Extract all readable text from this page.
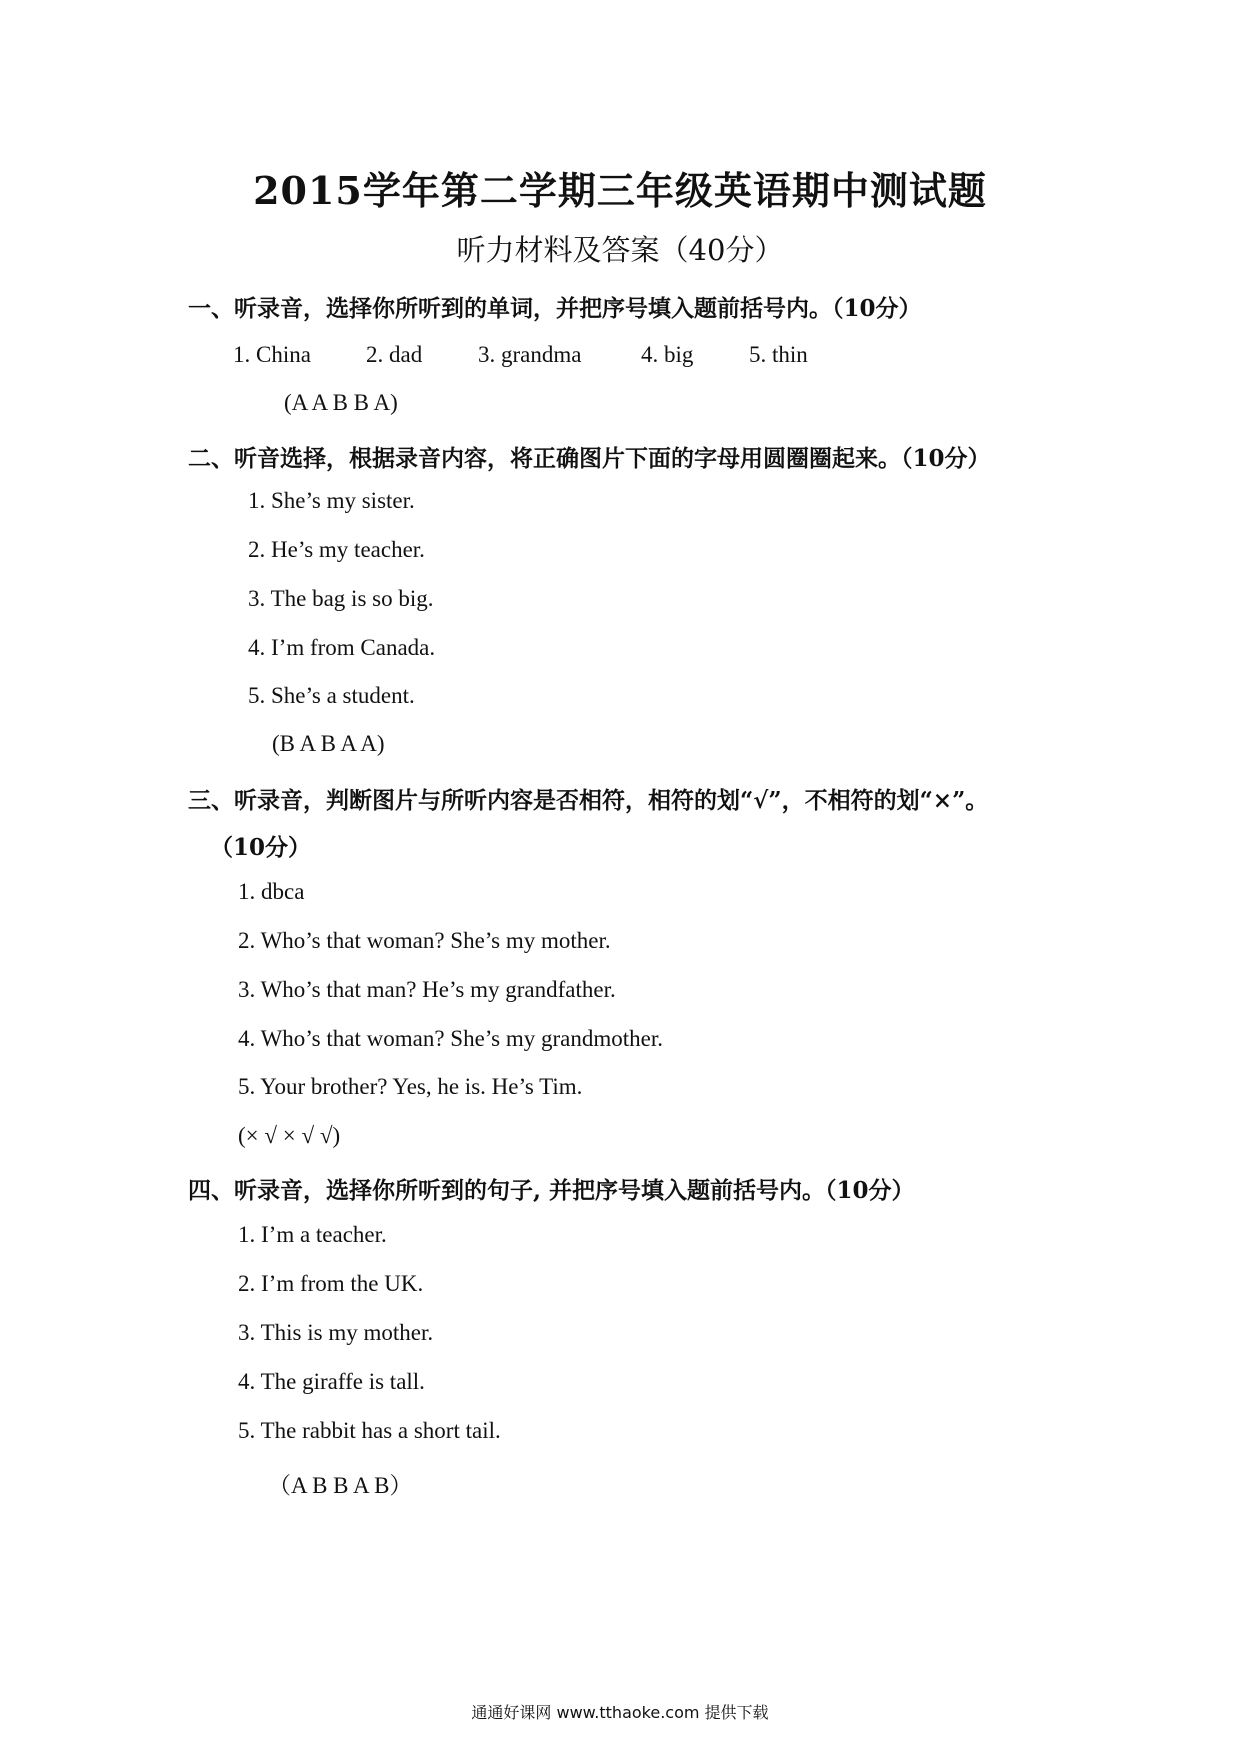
2015学年第二学期三年级英语期中测试题
听力材料及答案（40分）
一、听录音，选择你所听到的单词，并把序号填入题前括号内。（10分）
1. China 2. dad 3. grandma	4. big 5. thin
(A A B B A)
二、听音选择，根据录音内容，将正确图片下面的字母用圆圈圈起来。（10分）
1. She’s my sister.
2. He’s my teacher.
3. The bag is so big.
4. I’m from Canada.
5. She’s a student.
(B A B A A)
三、听录音，判断图片与所听内容是否相符，相符的划“√”，不相符的划“×”。
（10分）
1. dbca
2. Who’s that woman? She’s my mother.
3. Who’s that man? He’s my grandfather.
4. Who’s that woman? She’s my grandmother.
5. Your brother? Yes, he is. He’s Tim.
(× √ × √ √)
四、听录音，选择你所听到的句子, 并把序号填入题前括号内。（10分）
1. I’m a teacher.
2. I’m from the UK.
3. This is my mother.
4. The giraffe is tall.
5. The rabbit has a short tail.
（A B B A B）
通通好课网 www.tthaoke.com 提供下载
